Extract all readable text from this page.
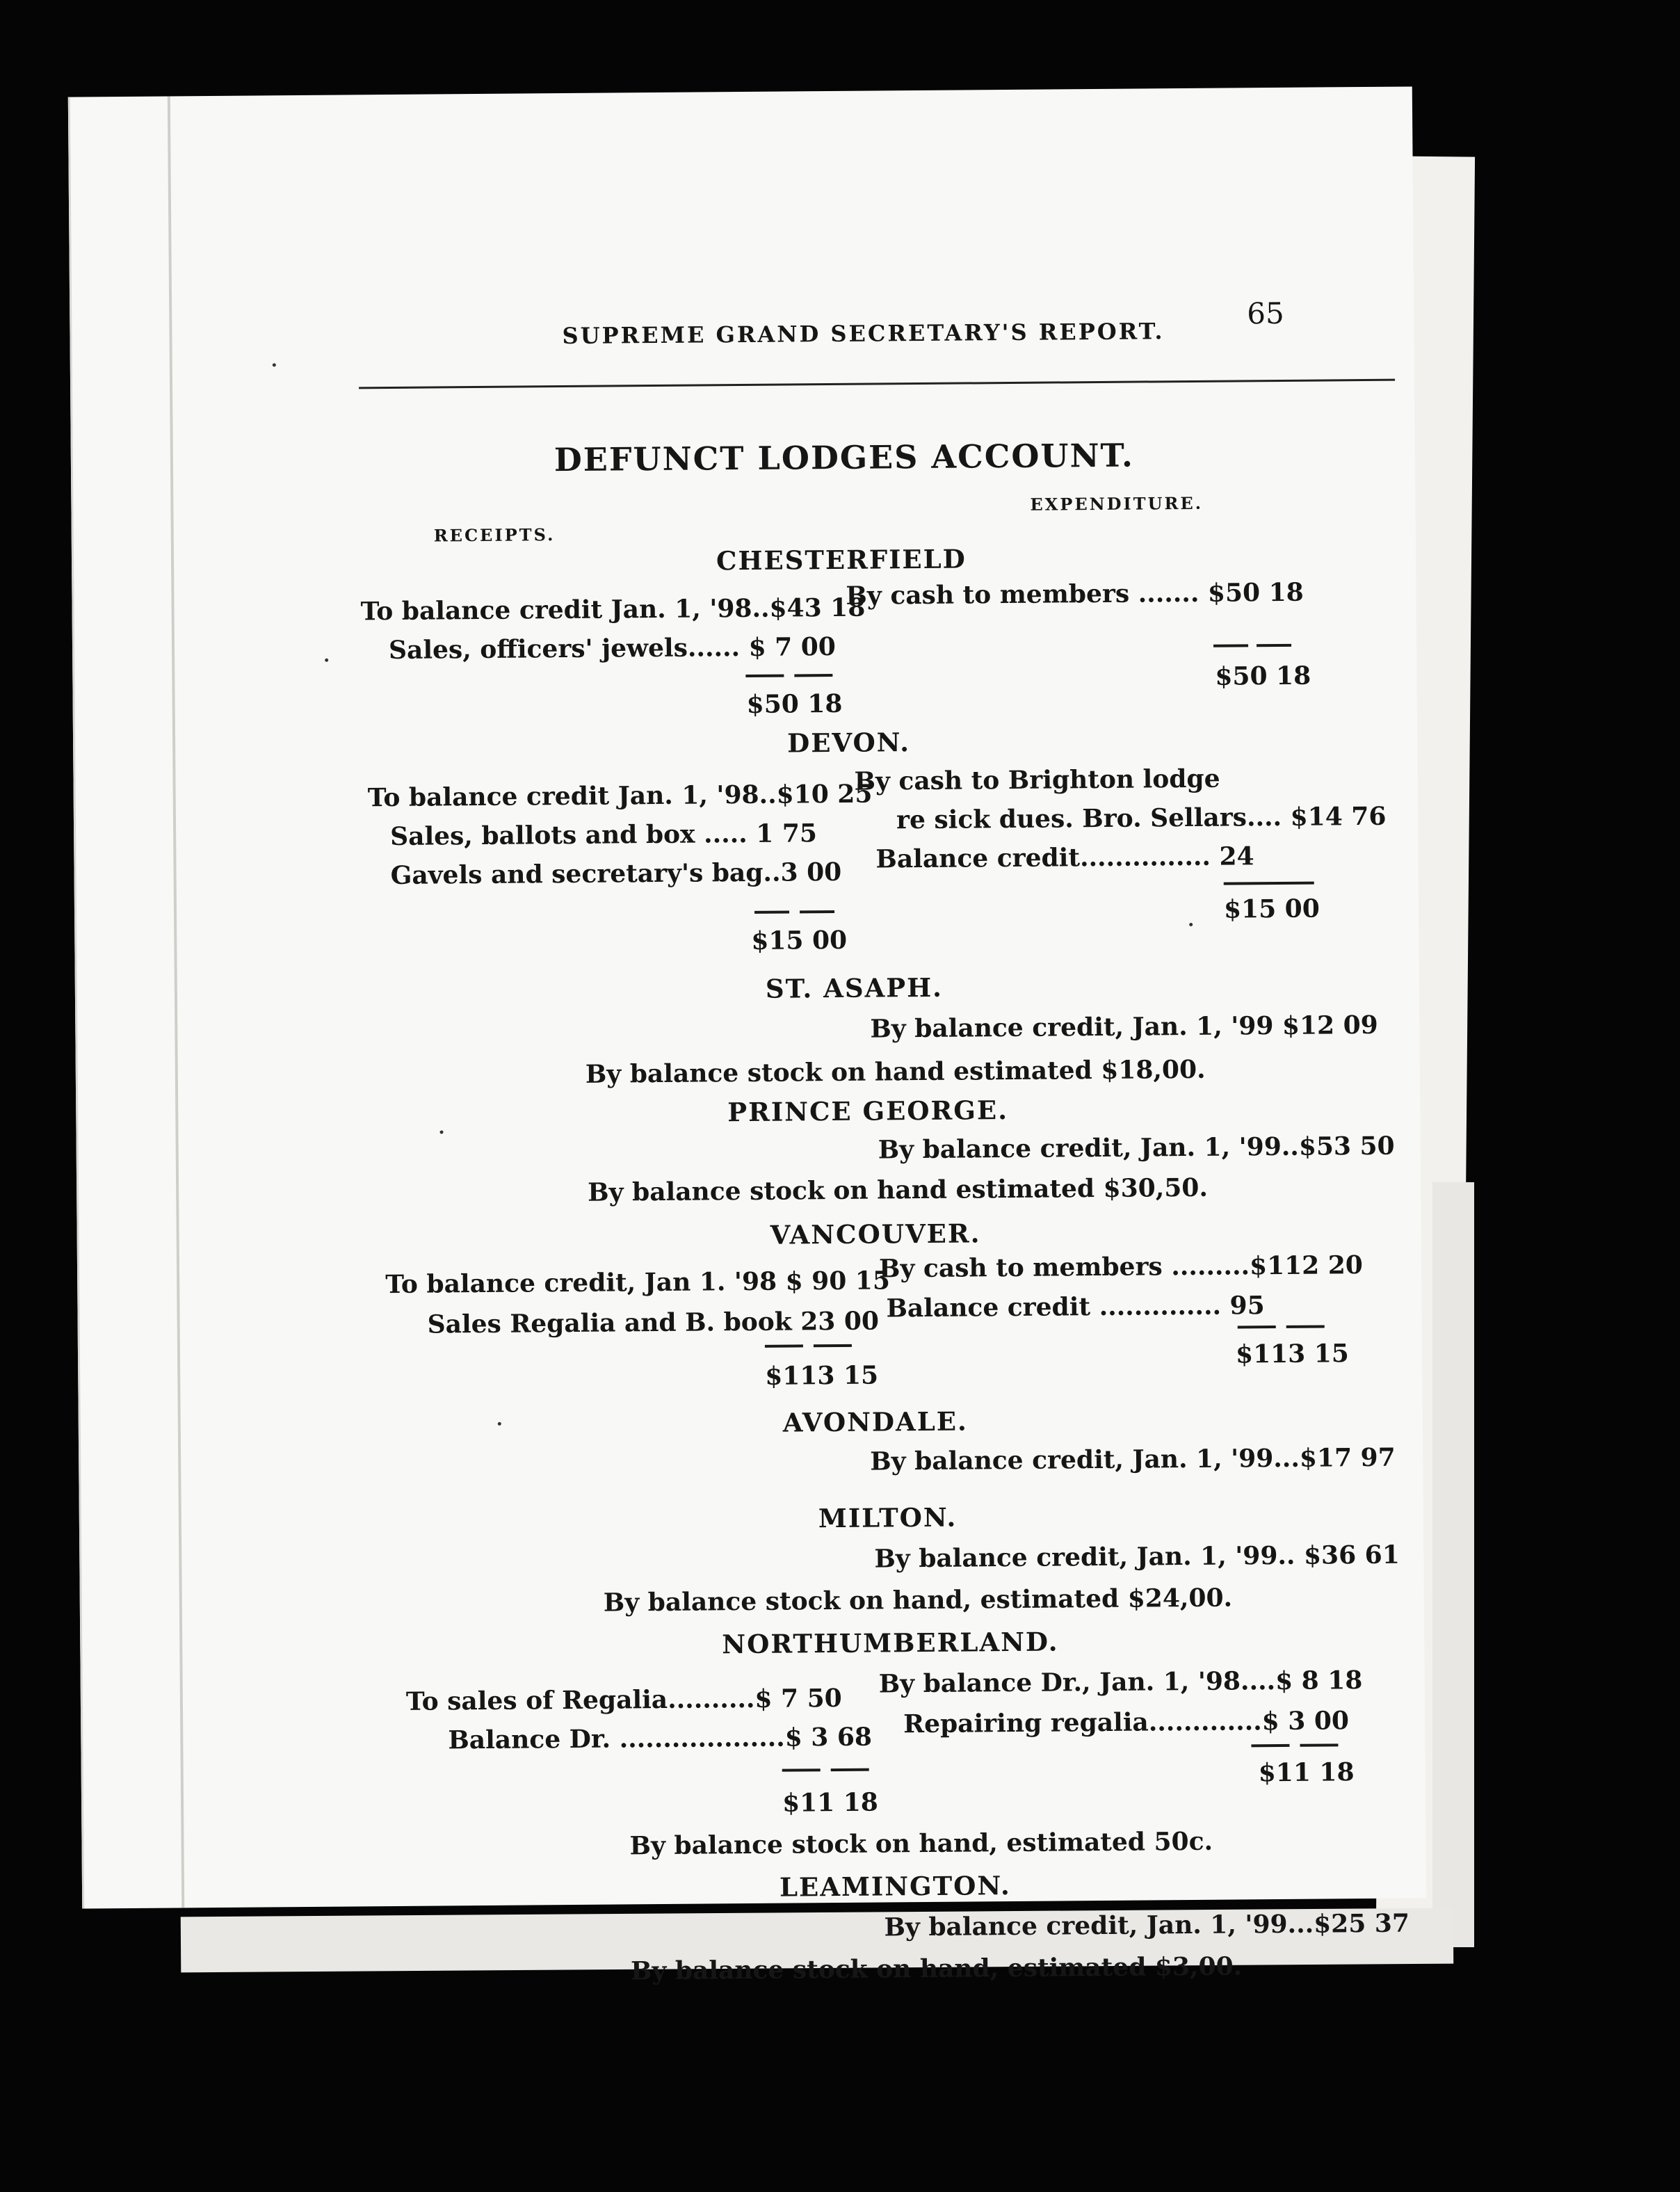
SUPREME GRAND SECRETARY'S REPORT.
65
DEFUNCT LODGES ACCOUNT.
RECEIPTS.
EXPENDITURE.
CHESTERFIELD
To balance credit Jan. 1, '98..$43 18
Sales, officers' jewels...... $ 7 00
By cash to members ....... $50 18
$50 18
$50 18
DEVON.
To balance credit Jan. 1, '98..$10 25
Sales, ballots and box ..... 1 75
Gavels and secretary's bag..3 00
By cash to Brighton lodge
re sick dues. Bro. Sellars.... $14 76
Balance credit............... 24
$15 00
$15 00
ST. ASAPH.
By balance credit, Jan. 1, '99 $12 09
By balance stock on hand estimated $18,00.
PRINCE GEORGE.
By balance credit, Jan. 1, '99..$53 50
By balance stock on hand estimated $30,50.
VANCOUVER.
To balance credit, Jan 1. '98 $ 90 15
Sales Regalia and B. book 23 00
By cash to members .........$112 20
Balance credit .............. 95
$113 15
$113 15
AVONDALE.
By balance credit, Jan. 1, '99...$17 97
MILTON.
By balance credit, Jan. 1, '99.. $36 61
By balance stock on hand, estimated $24,00.
NORTHUMBERLAND.
To sales of Regalia..........$ 7 50
Balance Dr. ...................$ 3 68
By balance Dr., Jan. 1, '98....$ 8 18
Repairing regalia.............$ 3 00
$11 18
$11 18
By balance stock on hand, estimated 50c.
LEAMINGTON.
By balance credit, Jan. 1, '99...$25 37
By balance stock on hand, estimated $3,00.
